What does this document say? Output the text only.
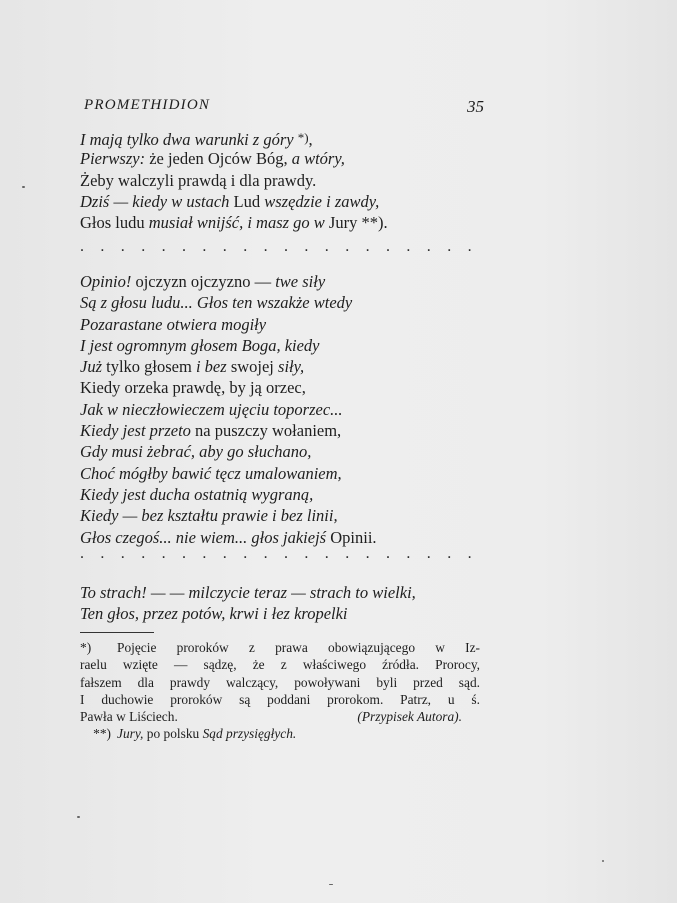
PROMETHIDION	35
I mają tylko dwa warunki z góry *),
Pierwszy: że jeden Ojców Bóg, a wtóry,
Żeby walczyli prawdą i dla prawdy.
Dziś — kiedy w ustach Lud wszędzie i zawdy,
Głos ludu musiał wnijść, i masz go w Jury **).
. . . . . . . . . . . . . . . . . . . .
Opinio! ojczyzn ojczyzno — twe siły
Są z głosu ludu... Głos ten wszakże wtedy
Pozarastane otwiera mogiły
I jest ogromnym głosem Boga, kiedy
Już tylko głosem i bez swojej siły,
Kiedy orzeka prawdę, by ją orzec,
Jak w nieczłowieczem ujęciu toporzec...
Kiedy jest przeto na puszczy wołaniem,
Gdy musi żebrać, aby go słuchano,
Choć mógłby bawić tęcz umalowaniem,
Kiedy jest ducha ostatnią wygraną,
Kiedy — bez kształtu prawie i bez linii,
Głos czegoś... nie wiem... głos jakiejś Opinii.
. . . . . . . . . . . . . . . . . . . .
To strach! — — milczycie teraz — strach to wielki,
Ten głos, przez potów, krwi i łez kropelki
*) Pojęcie proroków z prawa obowiązującego w Iz-
raelu wzięte — sądzę, że z właściwego źródła. Prorocy,
fałszem dla prawdy walczący, powoływani byli przed sąd.
I duchowie proroków są poddani prorokom. Patrz, u ś.
Pawła w Liściech.	(Przypisek Autora).
**) Jury, po polsku Sąd przysięgłych.
